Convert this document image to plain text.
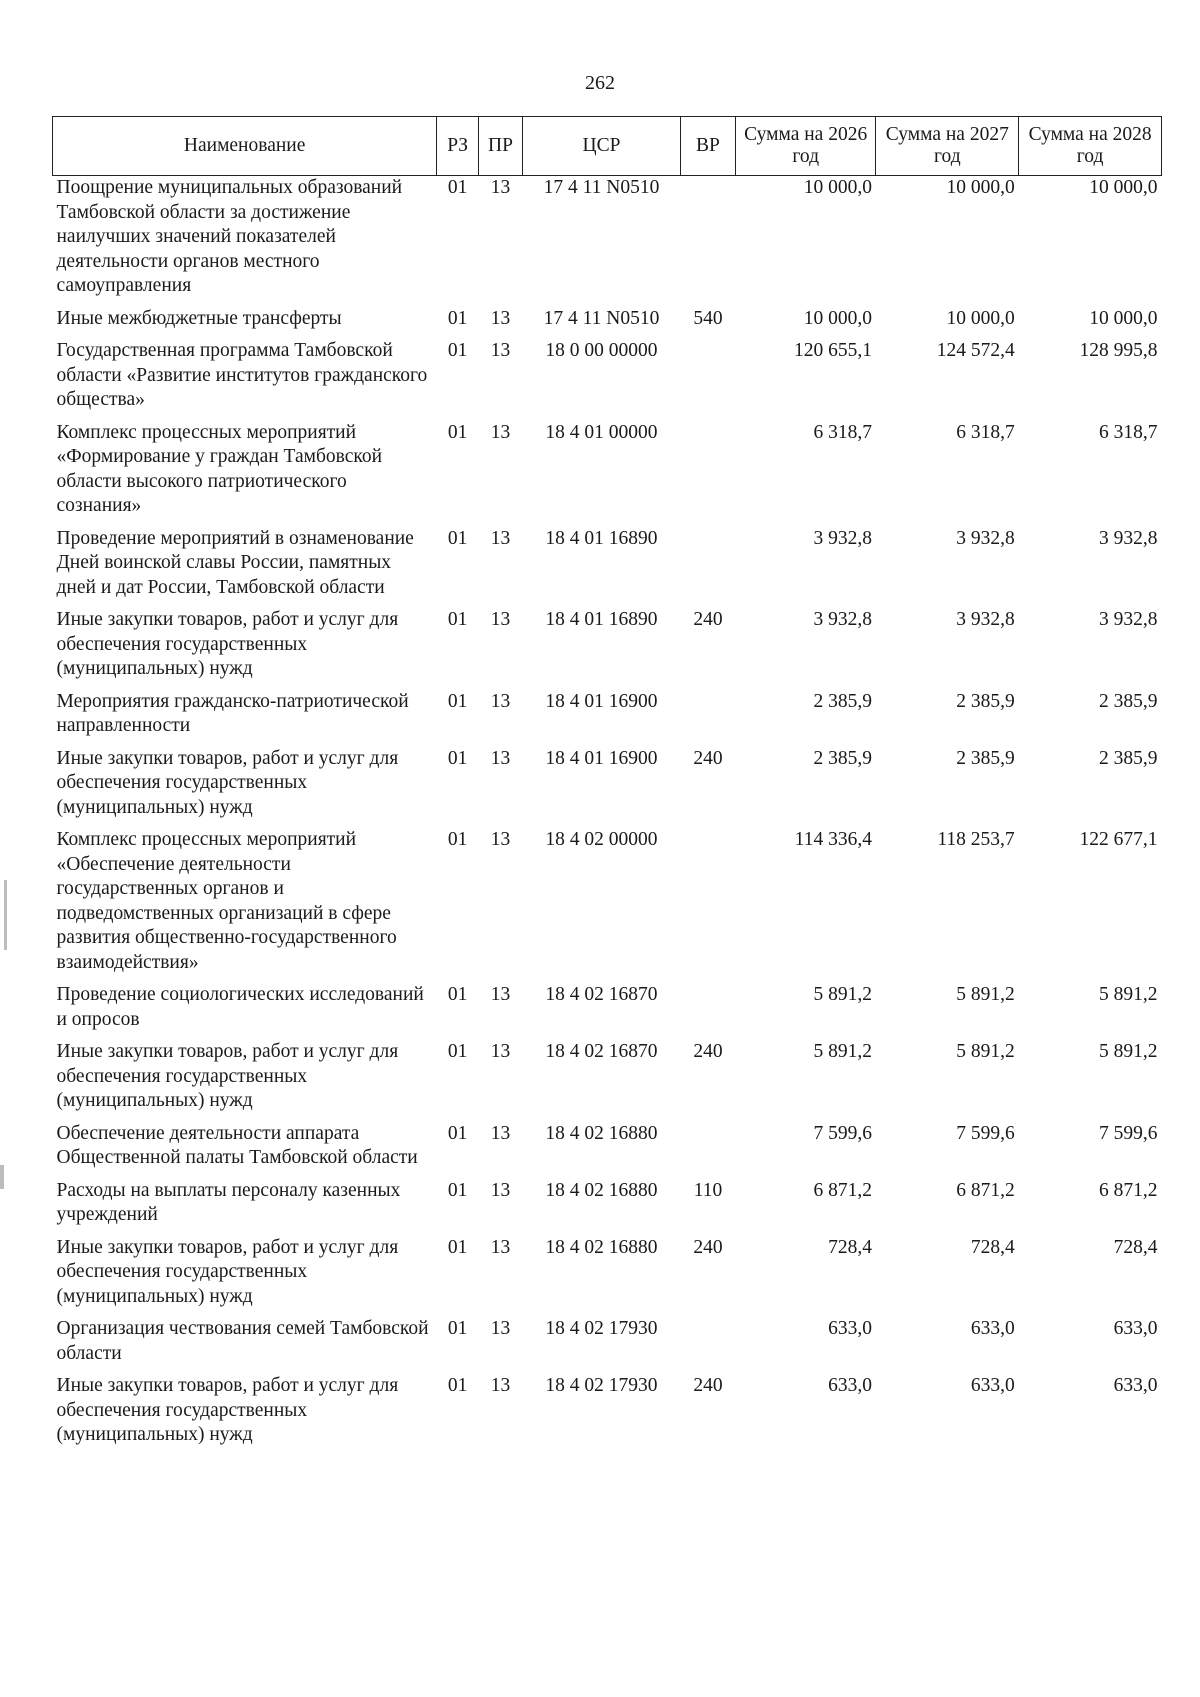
262
Наименование	РЗ	ПР	ЦСР	ВР	Сумма на 2026 год	Сумма на 2027 год	Сумма на 2028 год
Поощрение муниципальных образований Тамбовской области за достижение наилучших значений показателей деятельности органов местного самоуправления	01	13	17 4 11 N0510		10 000,0	10 000,0	10 000,0
Иные межбюджетные трансферты	01	13	17 4 11 N0510	540	10 000,0	10 000,0	10 000,0
Государственная программа Тамбовской области «Развитие институтов гражданского общества»	01	13	18 0 00 00000		120 655,1	124 572,4	128 995,8
Комплекс процессных мероприятий «Формирование у граждан Тамбовской области высокого патриотического сознания»	01	13	18 4 01 00000		6 318,7	6 318,7	6 318,7
Проведение мероприятий в ознаменование Дней воинской славы России, памятных дней и дат России, Тамбовской области	01	13	18 4 01 16890		3 932,8	3 932,8	3 932,8
Иные закупки товаров, работ и услуг для обеспечения государственных (муниципальных) нужд	01	13	18 4 01 16890	240	3 932,8	3 932,8	3 932,8
Мероприятия гражданско-патриотической направленности	01	13	18 4 01 16900		2 385,9	2 385,9	2 385,9
Иные закупки товаров, работ и услуг для обеспечения государственных (муниципальных) нужд	01	13	18 4 01 16900	240	2 385,9	2 385,9	2 385,9
Комплекс процессных мероприятий «Обеспечение деятельности государственных органов и подведомственных организаций в сфере развития общественно-государственного взаимодействия»	01	13	18 4 02 00000		114 336,4	118 253,7	122 677,1
Проведение социологических исследований и опросов	01	13	18 4 02 16870		5 891,2	5 891,2	5 891,2
Иные закупки товаров, работ и услуг для обеспечения государственных (муниципальных) нужд	01	13	18 4 02 16870	240	5 891,2	5 891,2	5 891,2
Обеспечение деятельности аппарата Общественной палаты Тамбовской области	01	13	18 4 02 16880		7 599,6	7 599,6	7 599,6
Расходы на выплаты персоналу казенных учреждений	01	13	18 4 02 16880	110	6 871,2	6 871,2	6 871,2
Иные закупки товаров, работ и услуг для обеспечения государственных (муниципальных) нужд	01	13	18 4 02 16880	240	728,4	728,4	728,4
Организация чествования семей Тамбовской области	01	13	18 4 02 17930		633,0	633,0	633,0
Иные закупки товаров, работ и услуг для обеспечения государственных (муниципальных) нужд	01	13	18 4 02 17930	240	633,0	633,0	633,0
